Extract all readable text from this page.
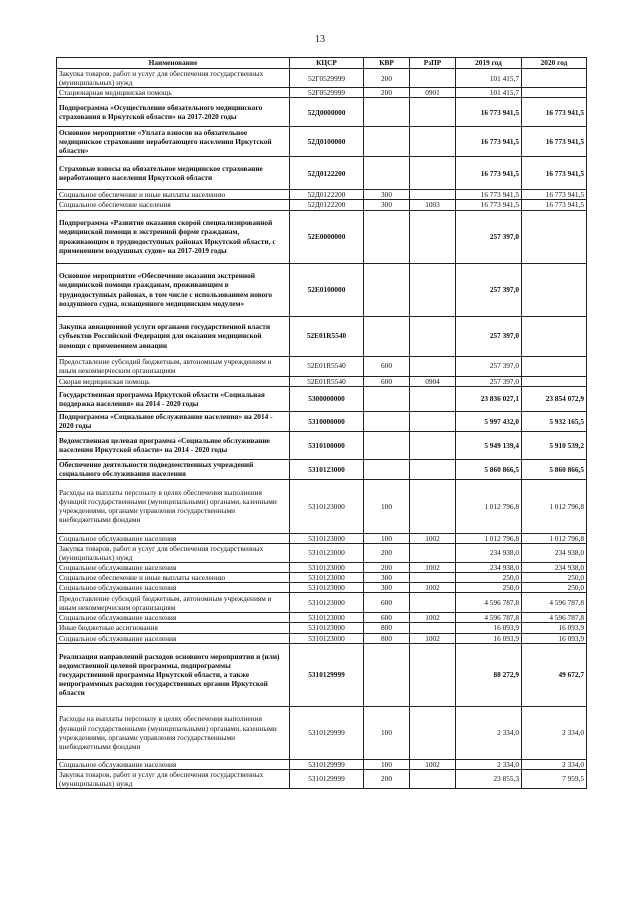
13
Наименование	КЦСР	КВР	РзПР	2019 год	2020 год
Закупка товаров, работ и услуг для обеспечения государственных (муниципальных) нужд	52Г0529999	200		101 415,7	
Стационарная медицинская помощь	52Г0529999	200	0901	101 415,7	
Подпрограмма «Осуществление обязательного медицинского страхования в Иркутской области» на 2017-2020 годы	52Д0000000			16 773 941,5	16 773 941,5
Основное мероприятие «Уплата взносов на обязательное медицинское страхование неработающего населения Иркутской области»	52Д0100000			16 773 941,5	16 773 941,5
Страховые взносы на обязательное медицинское страхование неработающего населения Иркутской области	52Д0122200			16 773 941,5	16 773 941,5
Социальное обеспечение и иные выплаты населению	52Д0122200	300		16 773 941,5	16 773 941,5
Социальное обеспечение населения	52Д0122200	300	1003	16 773 941,5	16 773 941,5
Подпрограмма «Развитие оказания скорой специализированной медицинской помощи в экстренной форме гражданам, проживающим в труднодоступных районах Иркутской области, с применением воздушных судов» на 2017-2019 годы	52Е0000000			257 397,0	
Основное мероприятие «Обеспечение оказания экстренной медицинской помощи гражданам, проживающим в труднодоступных районах, в том числе с использованием нового воздушного судна, оснащенного медицинским модулем»	52Е0100000			257 397,0	
Закупка авиационной услуги органами государственной власти субъектов Российской Федерации для оказания медицинской помощи с применением авиации	52Е01R5540			257 397,0	
Предоставление субсидий бюджетным, автономным учреждениям и иным некоммерческим организациям	52Е01R5540	600		257 397,0	
Скорая медицинская помощь	52Е01R5540	600	0904	257 397,0	
Государственная программа Иркутской области «Социальная поддержка населения» на 2014 - 2020 годы	5300000000			23 836 027,1	23 854 072,9
Подпрограмма «Социальное обслуживание населения» на 2014 - 2020 годы	5310000000			5 997 432,0	5 932 165,5
Ведомственная целевая программа «Социальное обслуживание населения Иркутской области» на 2014 - 2020 годы	5310100000			5 949 139,4	5 910 539,2
Обеспечение деятельности подведомственных учреждений социального обслуживания населения	5310123000			5 860 866,5	5 860 866,5
Расходы на выплаты персоналу в целях обеспечения выполнения функций государственными (муниципальными) органами, казенными учреждениями, органами управления государственными внебюджетными фондами	5310123000	100		1 012 796,8	1 012 796,8
Социальное обслуживание населения	5310123000	100	1002	1 012 796,8	1 012 796,8
Закупка товаров, работ и услуг для обеспечения государственных (муниципальных) нужд	5310123000	200		234 938,0	234 938,0
Социальное обслуживание населения	5310123000	200	1002	234 938,0	234 938,0
Социальное обеспечение и иные выплаты населению	5310123000	300		250,0	250,0
Социальное обслуживание населения	5310123000	300	1002	250,0	250,0
Предоставление субсидий бюджетным, автономным учреждениям и иным некоммерческим организациям	5310123000	600		4 596 787,8	4 596 787,8
Социальное обслуживание населения	5310123000	600	1002	4 596 787,8	4 596 787,8
Иные бюджетные ассигнования	5310123000	800		16 093,9	16 093,9
Социальное обслуживание населения	5310123000	800	1002	16 093,9	16 093,9
Реализация направлений расходов основного мероприятия и (или) ведомственной целевой программы, подпрограммы государственной программы Иркутской области, а также непрограммных расходов государственных органов Иркутской области	5310129999			88 272,9	49 672,7
Расходы на выплаты персоналу в целях обеспечения выполнения функций государственными (муниципальными) органами, казенными учреждениями, органами управления государственными внебюджетными фондами	5310129999	100		2 334,0	2 334,0
Социальное обслуживание населения	5310129999	100	1002	2 334,0	2 334,0
Закупка товаров, работ и услуг для обеспечения государственных (муниципальных) нужд	5310129999	200		23 855,3	7 959,5
